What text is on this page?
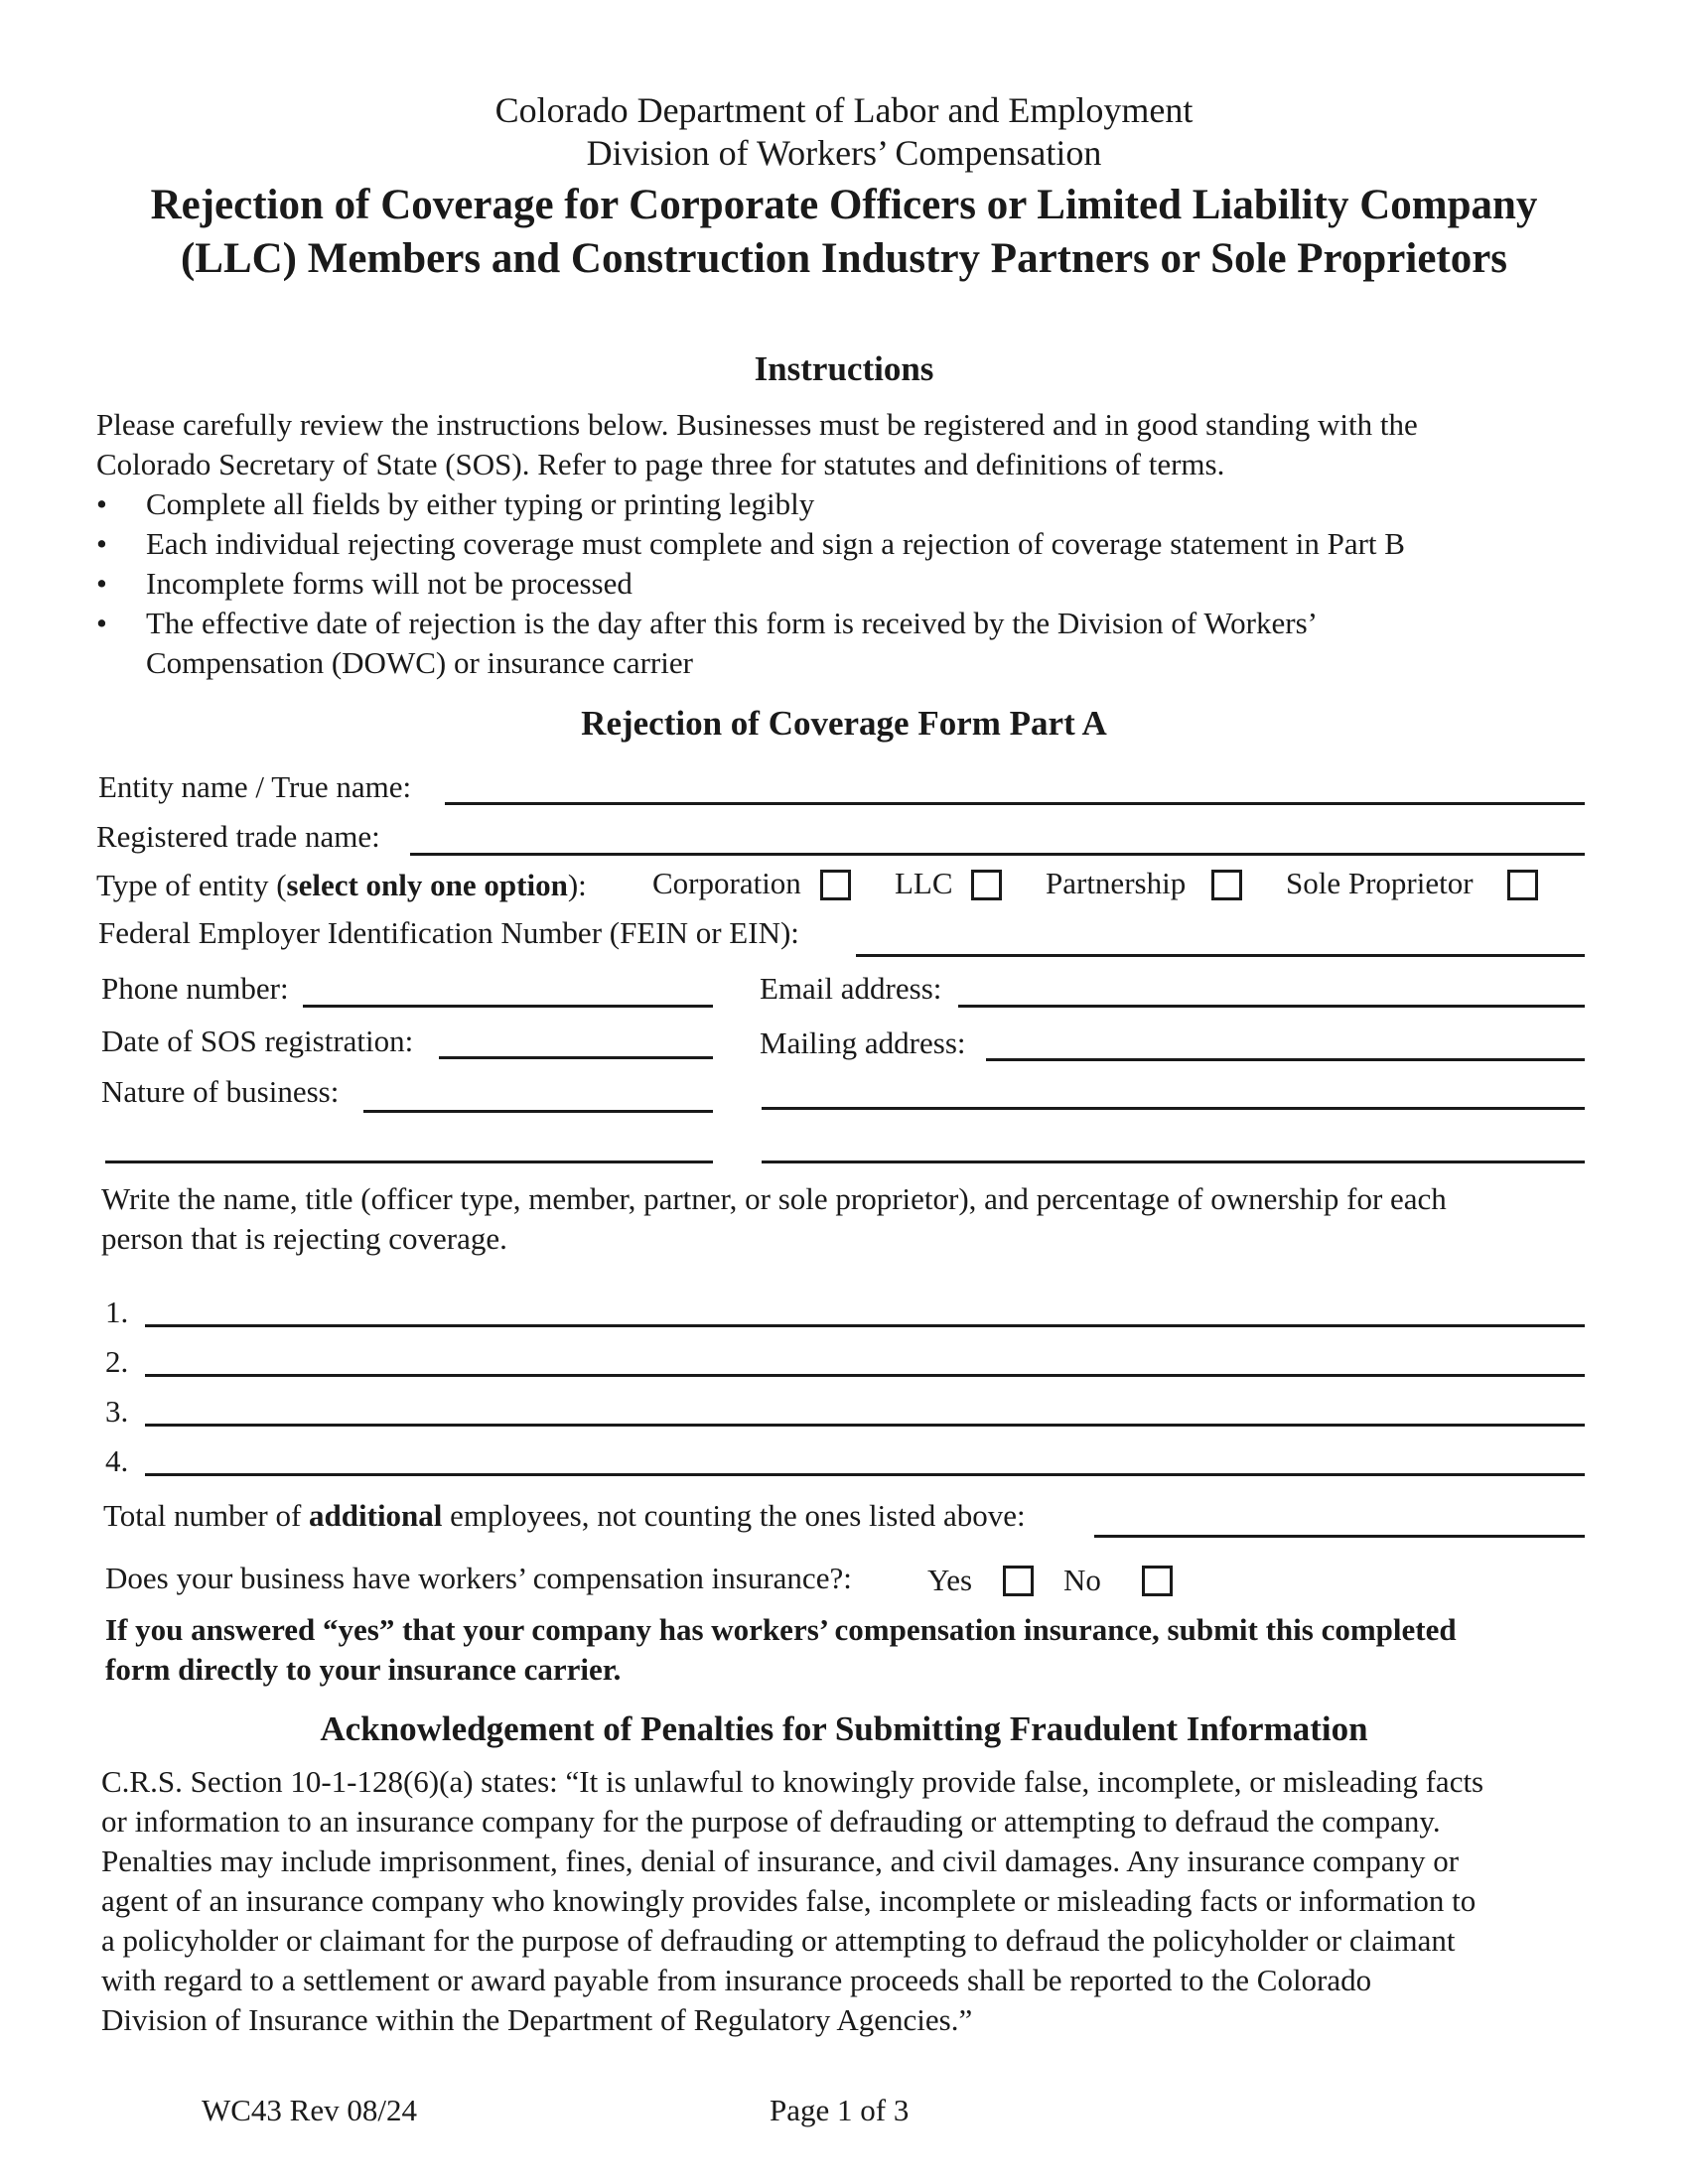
Colorado Department of Labor and Employment
Division of Workers’ Compensation
Rejection of Coverage for Corporate Officers or Limited Liability Company
(LLC) Members and Construction Industry Partners or Sole Proprietors
Instructions
Please carefully review the instructions below. Businesses must be registered and in good standing with the
Colorado Secretary of State (SOS). Refer to page three for statutes and definitions of terms.
• Complete all fields by either typing or printing legibly
• Each individual rejecting coverage must complete and sign a rejection of coverage statement in Part B
• Incomplete forms will not be processed
• The effective date of rejection is the day after this form is received by the Division of Workers’
Compensation (DOWC) or insurance carrier
Rejection of Coverage Form Part A
Entity name / True name:
Registered trade name:
Type of entity (select only one option): Corporation	LLC	Partnership	Sole Proprietor
Federal Employer Identification Number (FEIN or EIN):
Phone number:	Email address:
Date of SOS registration:	Mailing address:
Nature of business:
Write the name, title (officer type, member, partner, or sole proprietor), and percentage of ownership for each
person that is rejecting coverage.
1.
2.
3.
4.
Total number of additional employees, not counting the ones listed above:
Does your business have workers’ compensation insurance?: Yes	No
If you answered “yes” that your company has workers’ compensation insurance, submit this completed
form directly to your insurance carrier.
Acknowledgement of Penalties for Submitting Fraudulent Information
C.R.S. Section 10-1-128(6)(a) states: “It is unlawful to knowingly provide false, incomplete, or misleading facts
or information to an insurance company for the purpose of defrauding or attempting to defraud the company.
Penalties may include imprisonment, fines, denial of insurance, and civil damages. Any insurance company or
agent of an insurance company who knowingly provides false, incomplete or misleading facts or information to
a policyholder or claimant for the purpose of defrauding or attempting to defraud the policyholder or claimant
with regard to a settlement or award payable from insurance proceeds shall be reported to the Colorado
Division of Insurance within the Department of Regulatory Agencies.”
WC43 Rev 08/24	Page 1 of 3
